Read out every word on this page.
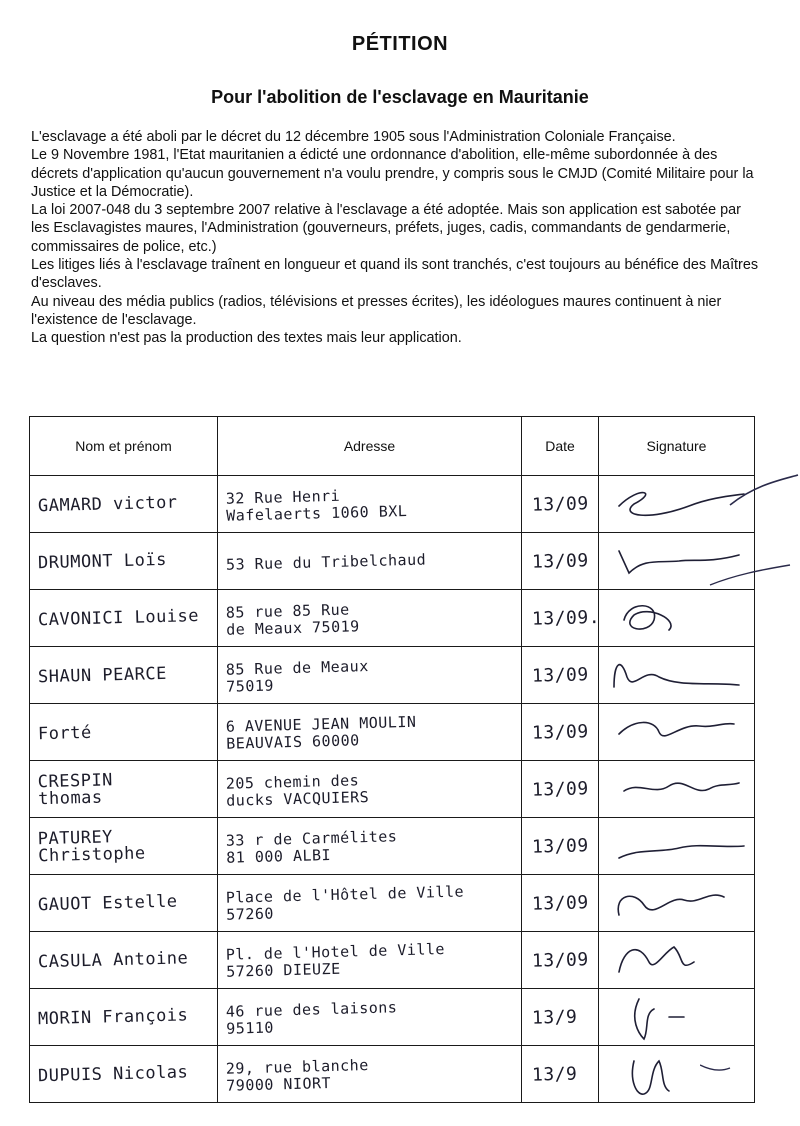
PÉTITION
Pour l'abolition de l'esclavage en Mauritanie

L'esclavage a été aboli par le décret du 12 décembre 1905 sous l'Administration Coloniale Française.

Le 9 Novembre 1981, l'Etat mauritanien a édicté une ordonnance d'abolition, elle-même subordonnée à des décrets d'application qu'aucun gouvernement n'a voulu prendre, y compris sous le CMJD (Comité Militaire pour la Justice et la Démocratie).

La loi 2007-048 du 3 septembre 2007 relative à l'esclavage a été adoptée. Mais son application est sabotée par les Esclavagistes maures, l'Administration (gouverneurs, préfets, juges, cadis, commandants de gendarmerie, commissaires de police, etc.)

Les litiges liés à l'esclavage traînent en longueur et quand ils sont tranchés, c'est toujours au bénéfice des Maîtres d'esclaves.

Au niveau des média publics (radios, télévisions et presses écrites), les idéologues maures continuent à nier l'existence de l'esclavage.

La question n'est pas la production des textes mais leur application.

Nom et prénom	Adresse	Date	Signature

GAMARD victor	32 Rue Henri
Wafelaerts 1060 BXL	13/09

DRUMONT Loïs	53 Rue du Tribelchaud	13/09

CAVONICI Louise	85 rue 85 Rue
de Meaux 75019	13/09.

SHAUN PEARCE	85 Rue de Meaux
75019	13/09

Forté	6 AVENUE JEAN MOULIN
BEAUVAIS 60000	13/09

CRESPIN
thomas	205 chemin des
ducks VACQUIERS	13/09

PATUREY
Christophe	33 r de Carmélites
81 000 ALBI	13/09

GAUOT Estelle	Place de l'Hôtel de Ville
57260	13/09

CASULA Antoine	Pl. de l'Hotel de Ville
57260 DIEUZE	13/09

MORIN François	46 rue des laisons
95110	13/9

DUPUIS Nicolas	29, rue blanche
79000 NIORT	13/9
